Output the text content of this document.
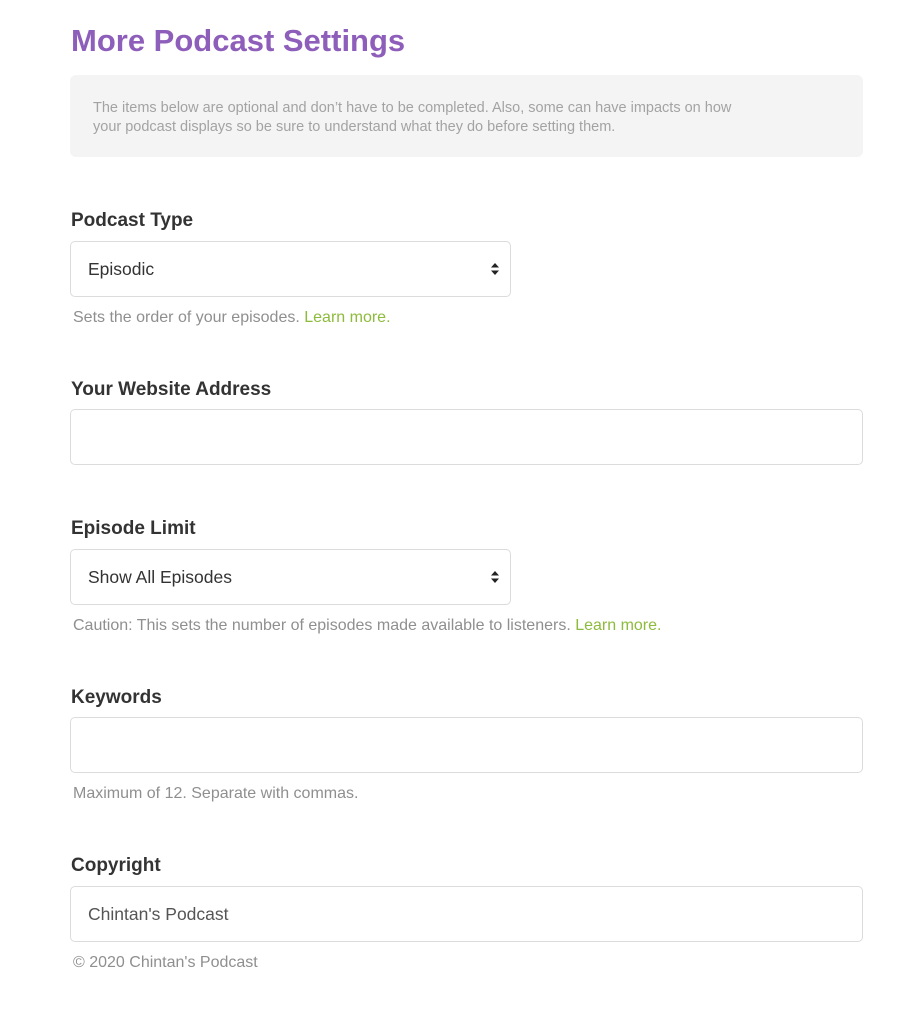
More Podcast Settings
The items below are optional and don’t have to be completed. Also, some can have impacts on how
your podcast displays so be sure to understand what they do before setting them.
Podcast Type
Episodic
Sets the order of your episodes. Learn more.
Your Website Address
Episode Limit
Show All Episodes
Caution: This sets the number of episodes made available to listeners. Learn more.
Keywords
Maximum of 12. Separate with commas.
Copyright
Chintan's Podcast
© 2020 Chintan's Podcast
